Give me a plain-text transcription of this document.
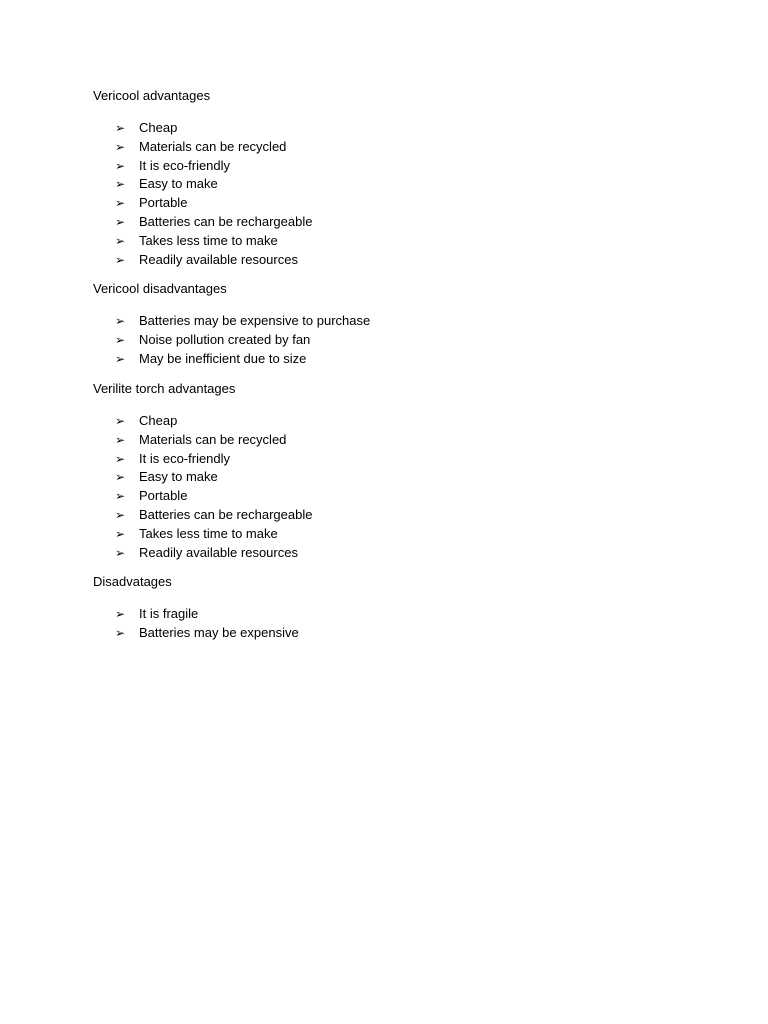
Vericool advantages

➢ Cheap
➢ Materials can be recycled
➢ It is eco-friendly
➢ Easy to make
➢ Portable
➢ Batteries can be rechargeable
➢ Takes less time to make
➢ Readily available resources

Vericool disadvantages

➢ Batteries may be expensive to purchase
➢ Noise pollution created by fan
➢ May be inefficient due to size

Verilite torch advantages

➢ Cheap
➢ Materials can be recycled
➢ It is eco-friendly
➢ Easy to make
➢ Portable
➢ Batteries can be rechargeable
➢ Takes less time to make
➢ Readily available resources

Disadvatages

➢ It is fragile
➢ Batteries may be expensive
